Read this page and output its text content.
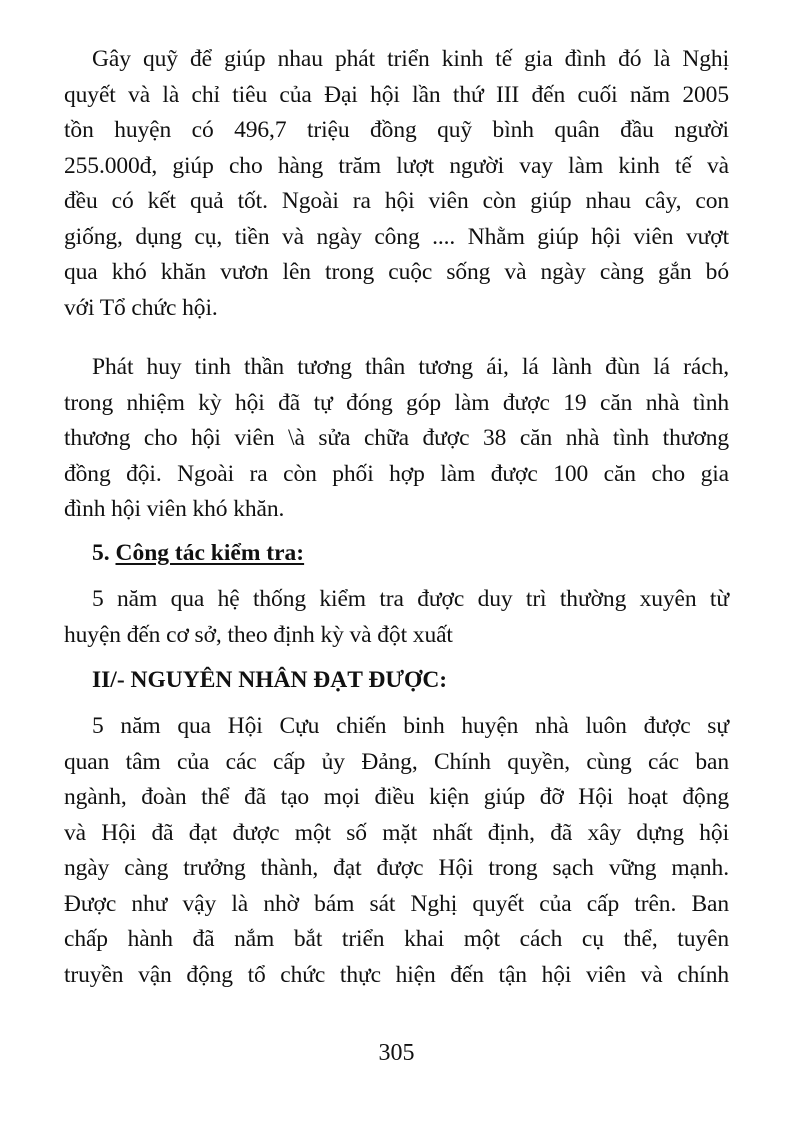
Gây quỹ để giúp nhau phát triển kinh tế gia đình đó là Nghị
quyết và là chỉ tiêu của Đại hội lần thứ III đến cuối năm 2005
tồn huyện có 496,7 triệu đồng quỹ bình quân đầu người
255.000đ, giúp cho hàng trăm lượt người vay làm kinh tế và
đều có kết quả tốt. Ngoài ra hội viên còn giúp nhau cây, con
giống, dụng cụ, tiền và ngày công .... Nhằm giúp hội viên vượt
qua khó khăn vươn lên trong cuộc sống và ngày càng gắn bó
với Tổ chức hội.
Phát huy tinh thần tương thân tương ái, lá lành đùn lá rách,
trong nhiệm kỳ hội đã tự đóng góp làm được 19 căn nhà tình
thương cho hội viên \à sửa chữa được 38 căn nhà tình thương
đồng đội. Ngoài ra còn phối hợp làm được 100 căn cho gia
đình hội viên khó khăn.
5. Công tác kiểm tra:
5 năm qua hệ thống kiểm tra được duy trì thường xuyên từ
huyện đến cơ sở, theo định kỳ và đột xuất
II/- NGUYÊN NHÂN ĐẠT ĐƯỢC:
5 năm qua Hội Cựu chiến binh huyện nhà luôn được sự
quan tâm của các cấp ủy Đảng, Chính quyền, cùng các ban
ngành, đoàn thể đã tạo mọi điều kiện giúp đỡ Hội hoạt động
và Hội đã đạt được một số mặt nhất định, đã xây dựng hội
ngày càng trưởng thành, đạt được Hội trong sạch vững mạnh.
Được như vậy là nhờ bám sát Nghị quyết của cấp trên. Ban
chấp hành đã nắm bắt triển khai một cách cụ thể, tuyên
truyền vận động tổ chức thực hiện đến tận hội viên và chính
305
